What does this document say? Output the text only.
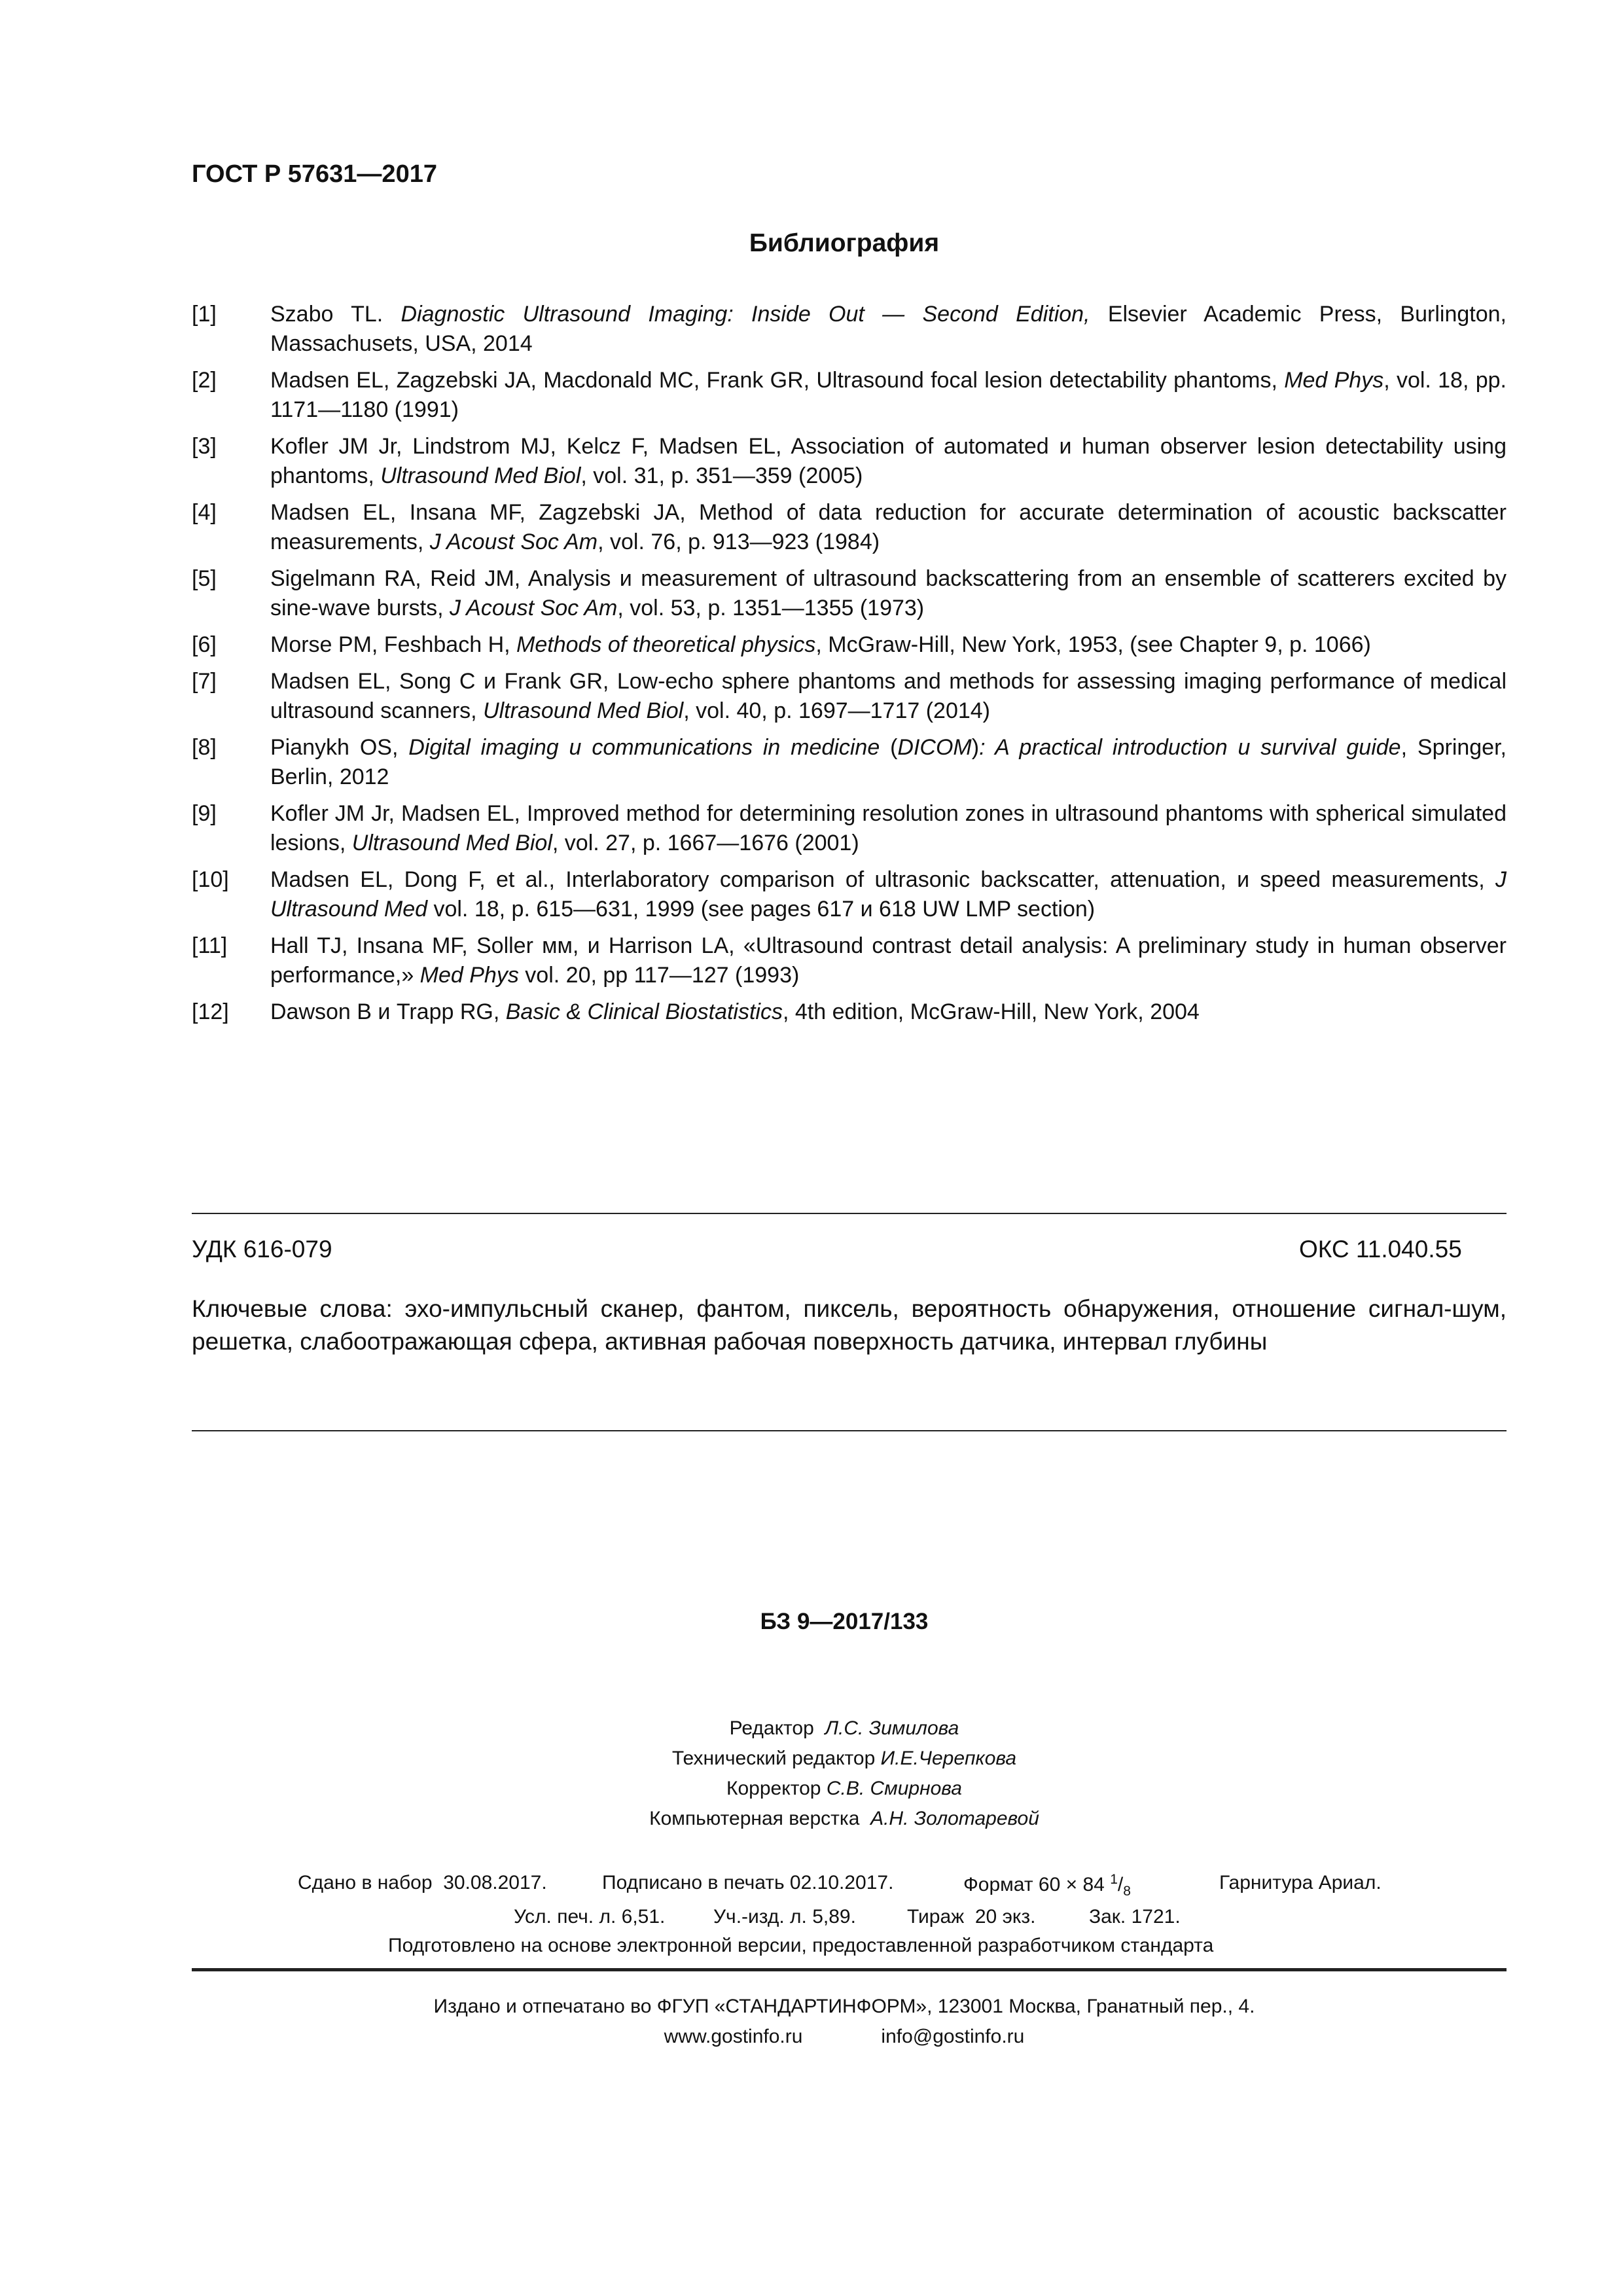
ГОСТ Р 57631—2017
Библиография
[1] Szabo TL. Diagnostic Ultrasound Imaging: Inside Out — Second Edition, Elsevier Academic Press, Burlington, Massachusets, USA, 2014
[2] Madsen EL, Zagzebski JA, Macdonald MC, Frank GR, Ultrasound focal lesion detectability phantoms, Med Phys, vol. 18, pp. 1171—1180 (1991)
[3] Kofler JM Jr, Lindstrom MJ, Kelcz F, Madsen EL, Association of automated и human observer lesion detectability using phantoms, Ultrasound Med Biol, vol. 31, p. 351—359 (2005)
[4] Madsen EL, Insana MF, Zagzebski JA, Method of data reduction for accurate determination of acoustic backscatter measurements, J Acoust Soc Am, vol. 76, p. 913—923 (1984)
[5] Sigelmann RA, Reid JM, Analysis и measurement of ultrasound backscattering from an ensemble of scatterers excited by sine-wave bursts, J Acoust Soc Am, vol. 53, p. 1351—1355 (1973)
[6] Morse PM, Feshbach H, Methods of theoretical physics, McGraw-Hill, New York, 1953, (see Chapter 9, p. 1066)
[7] Madsen EL, Song C и Frank GR, Low-echo sphere phantoms and methods for assessing imaging performance of medical ultrasound scanners, Ultrasound Med Biol, vol. 40, p. 1697—1717 (2014)
[8] Pianykh OS, Digital imaging и communications in medicine (DICOM): A practical introduction и survival guide, Springer, Berlin, 2012
[9] Kofler JM Jr, Madsen EL, Improved method for determining resolution zones in ultrasound phantoms with spherical simulated lesions, Ultrasound Med Biol, vol. 27, p. 1667—1676 (2001)
[10] Madsen EL, Dong F, et al., Interlaboratory comparison of ultrasonic backscatter, attenuation, и speed measurements, J Ultrasound Med vol. 18, p. 615—631, 1999 (see pages 617 и 618 UW LMP section)
[11] Hall TJ, Insana MF, Soller мм, и Harrison LA, «Ultrasound contrast detail analysis: A preliminary study in human observer performance,» Med Phys vol. 20, pp 117—127 (1993)
[12] Dawson B и Trapp RG, Basic & Clinical Biostatistics, 4th edition, McGraw-Hill, New York, 2004
УДК 616-079	ОКС 11.040.55
Ключевые слова: эхо-импульсный сканер, фантом, пиксель, вероятность обнаружения, отношение сигнал-шум, решетка, слабоотражающая сфера, активная рабочая поверхность датчика, интервал глубины
БЗ 9—2017/133
Редактор Л.С. Зимилова
Технический редактор И.Е.Черепкова
Корректор С.В. Смирнова
Компьютерная верстка А.Н. Золотаревой
Сдано в набор  30.08.2017.	Подписано в печать 02.10.2017.	Формат 60 × 84 $^1/_8$	Гарнитура Ариал.
Усл. печ. л. 6,51. Уч.-изд. л. 5,89.	Тираж  20 экз.	Зак. 1721.
Подготовлено на основе электронной версии, предоставленной разработчиком стандарта
Издано и отпечатано во ФГУП «СТАНДАРТИНФОРМ», 123001 Москва, Гранатный пер., 4.
www.gostinfo.ru	info@gostinfo.ru
